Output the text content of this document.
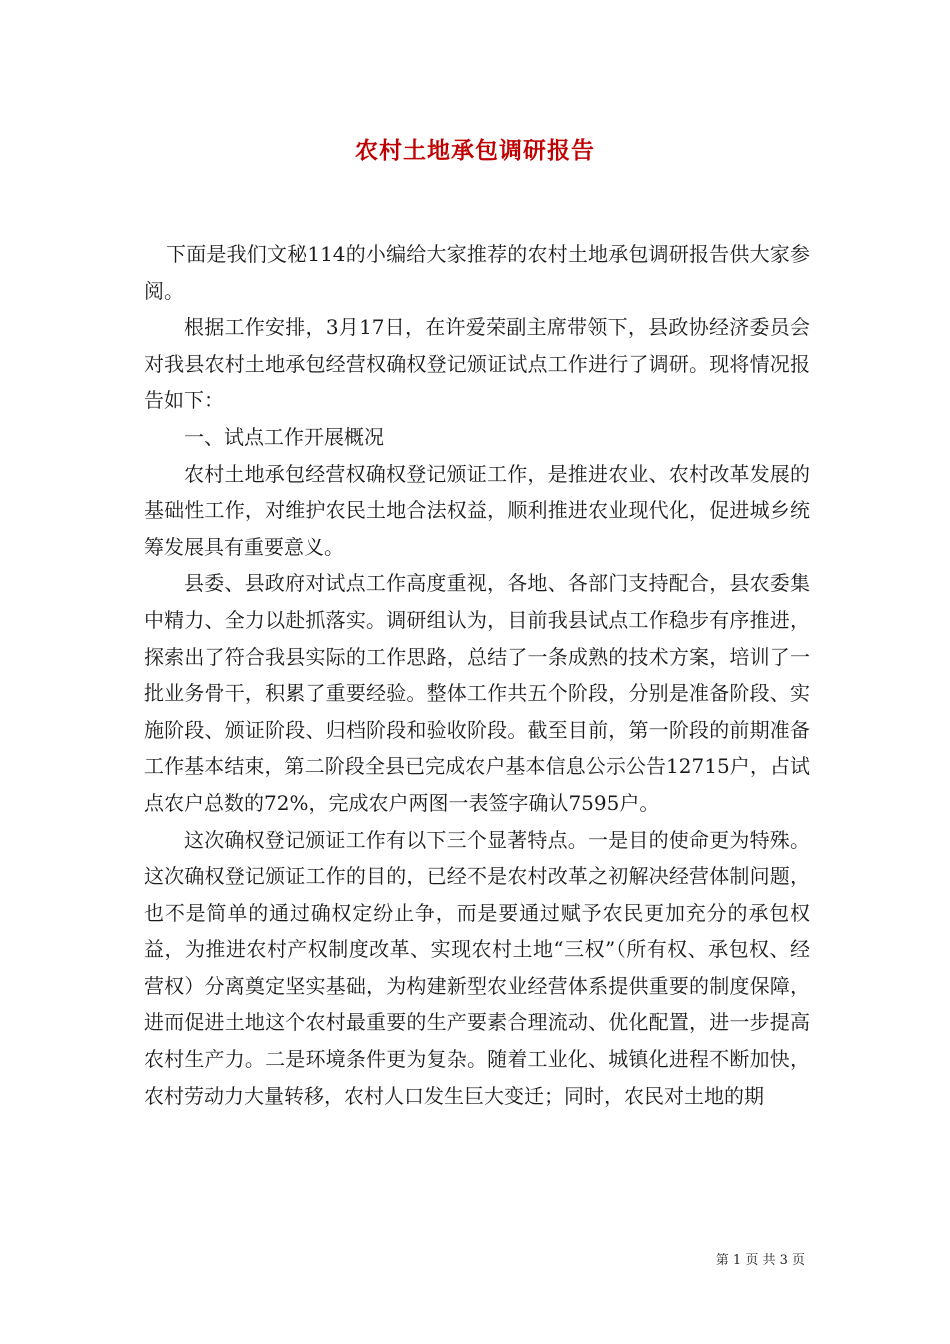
农村土地承包调研报告

下面是我们文秘114的小编给大家推荐的农村土地承包调研报告供大家参阅。

根据工作安排，3月17日，在许爱荣副主席带领下，县政协经济委员会对我县农村土地承包经营权确权登记颁证试点工作进行了调研。现将情况报告如下：

一、试点工作开展概况

农村土地承包经营权确权登记颁证工作，是推进农业、农村改革发展的基础性工作，对维护农民土地合法权益，顺利推进农业现代化，促进城乡统筹发展具有重要意义。

县委、县政府对试点工作高度重视，各地、各部门支持配合，县农委集中精力、全力以赴抓落实。调研组认为，目前我县试点工作稳步有序推进，探索出了符合我县实际的工作思路，总结了一条成熟的技术方案，培训了一批业务骨干，积累了重要经验。整体工作共五个阶段，分别是准备阶段、实施阶段、颁证阶段、归档阶段和验收阶段。截至目前，第一阶段的前期准备工作基本结束，第二阶段全县已完成农户基本信息公示公告12715户，占试点农户总数的72%，完成农户两图一表签字确认7595户。

这次确权登记颁证工作有以下三个显著特点。一是目的使命更为特殊。这次确权登记颁证工作的目的，已经不是农村改革之初解决经营体制问题，也不是简单的通过确权定纷止争，而是要通过赋予农民更加充分的承包权益，为推进农村产权制度改革、实现农村土地“三权”（所有权、承包权、经营权）分离奠定坚实基础，为构建新型农业经营体系提供重要的制度保障，进而促进土地这个农村最重要的生产要素合理流动、优化配置，进一步提高农村生产力。二是环境条件更为复杂。随着工业化、城镇化进程不断加快，农村劳动力大量转移，农村人口发生巨大变迁；同时，农民对土地的期

第 1 页 共 3 页
